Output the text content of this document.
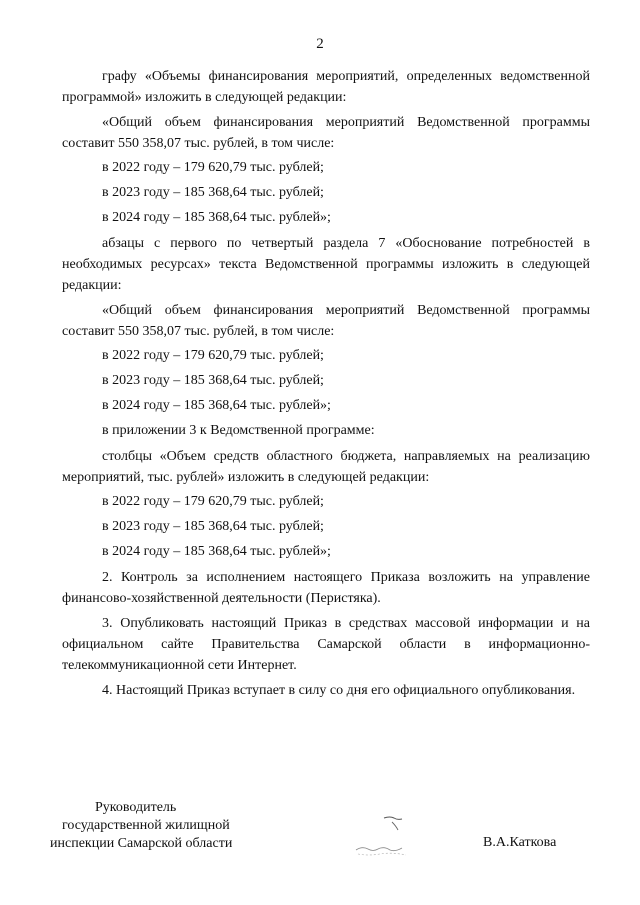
2

графу «Объемы финансирования мероприятий, определенных ведомственной программой» изложить в следующей редакции:

«Общий объем финансирования мероприятий Ведомственной программы составит 550 358,07 тыс. рублей, в том числе:

в 2022 году – 179 620,79 тыс. рублей;

в 2023 году – 185 368,64 тыс. рублей;

в 2024 году – 185 368,64 тыс. рублей»;

абзацы с первого по четвертый раздела 7 «Обоснование потребностей в необходимых ресурсах» текста Ведомственной программы изложить в следующей редакции:

«Общий объем финансирования мероприятий Ведомственной программы составит 550 358,07 тыс. рублей, в том числе:

в 2022 году – 179 620,79 тыс. рублей;

в 2023 году – 185 368,64 тыс. рублей;

в 2024 году – 185 368,64 тыс. рублей»;

в приложении 3 к Ведомственной программе:

столбцы «Объем средств областного бюджета, направляемых на реализацию мероприятий, тыс. рублей» изложить в следующей редакции:

в 2022 году – 179 620,79 тыс. рублей;

в 2023 году – 185 368,64 тыс. рублей;

в 2024 году – 185 368,64 тыс. рублей»;

2. Контроль за исполнением настоящего Приказа возложить на управление финансово-хозяйственной деятельности (Перистяка).

3. Опубликовать настоящий Приказ в средствах массовой информации и на официальном сайте Правительства Самарской области в информационно-телекоммуникационной сети Интернет.

4. Настоящий Приказ вступает в силу со дня его официального опубликования.

Руководитель
государственной жилищной
инспекции Самарской области	В.А.Каткова
